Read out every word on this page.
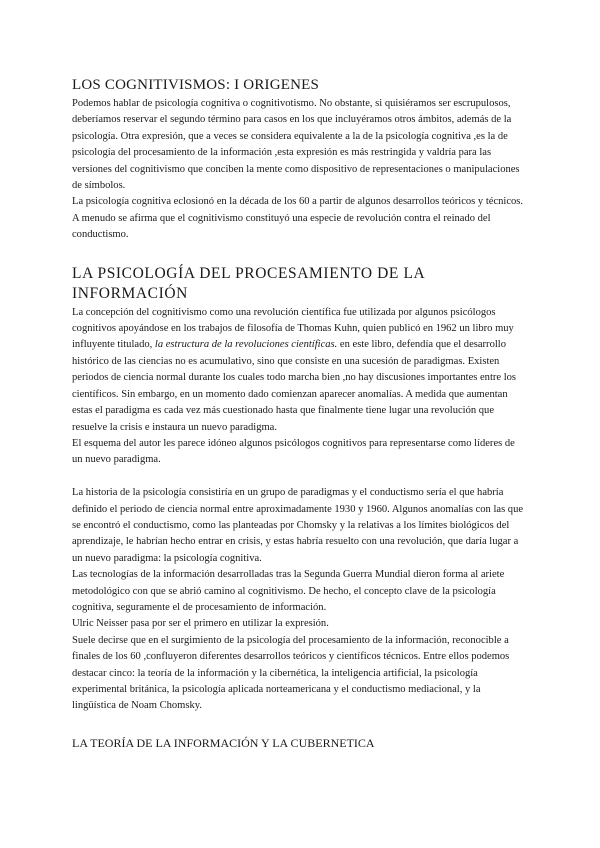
LOS COGNITIVISMOS: I ORIGENES

Podemos hablar de psicología cognitiva o cognitivotismo. No obstante, si quisiéramos ser escrupulosos, deberíamos reservar el segundo término para casos en los que incluyéramos otros ámbitos, además de la psicología. Otra expresión, que a veces se considera equivalente a la de la psicología cognitiva ,es la de psicología del procesamiento de la información ,esta expresión es más restringida y valdría para las versiones del cognitivismo que conciben la mente como dispositivo de representaciones o manipulaciones de símbolos.

La psicología cognitiva eclosionó en la década de los 60 a partir de algunos desarrollos teóricos y técnicos. A menudo se afirma que el cognitivismo constituyó una especie de revolución contra el reinado del conductismo.

LA PSICOLOGÍA DEL PROCESAMIENTO DE LA INFORMACIÓN

La concepción del cognitivismo como una revolución científica fue utilizada por algunos psicólogos cognitivos apoyándose en los trabajos de filosofía de Thomas Kuhn, quien publicó en 1962 un libro muy influyente titulado, la estructura de la revoluciones científicas. en este libro, defendía que el desarrollo histórico de las ciencias no es acumulativo, sino que consiste en una sucesión de paradigmas. Existen periodos de ciencia normal durante los cuales todo marcha bien ,no hay discusiones importantes entre los científicos. Sin embargo, en un momento dado comienzan aparecer anomalías. A medida que aumentan estas el paradigma es cada vez más cuestionado hasta que finalmente tiene lugar una revolución que resuelve la crisis e instaura un nuevo paradigma.

El esquema del autor les parece idóneo algunos psicólogos cognitivos para representarse como líderes de un nuevo paradigma.

La historia de la psicología consistiría en un grupo de paradigmas y el conductismo sería el que habría definido el periodo de ciencia normal entre aproximadamente 1930 y 1960. Algunos anomalías con las que se encontró el conductismo, como las planteadas por Chomsky y la relativas a los límites biológicos del aprendizaje, le habrían hecho entrar en crisis, y estas habría resuelto con una revolución, que daría lugar a un nuevo paradigma: la psicología cognitiva.

Las tecnologías de la información desarrolladas tras la Segunda Guerra Mundial dieron forma al ariete metodológico con que se abrió camino al cognitivismo. De hecho, el concepto clave de la psicología cognitiva, seguramente el de procesamiento de información.

Ulric Neisser pasa por ser el primero en utilizar la expresión.

Suele decirse que en el surgimiento de la psicología del procesamiento de la información, reconocible a finales de los 60 ,confluyeron diferentes desarrollos teóricos y científicos técnicos. Entre ellos podemos destacar cinco: la teoría de la información y la cibernética, la inteligencia artificial, la psicología experimental británica, la psicología aplicada norteamericana y el conductismo mediacional, y la lingüística de Noam Chomsky.

LA TEORÍA DE LA INFORMACIÓN Y LA CUBERNETICA
